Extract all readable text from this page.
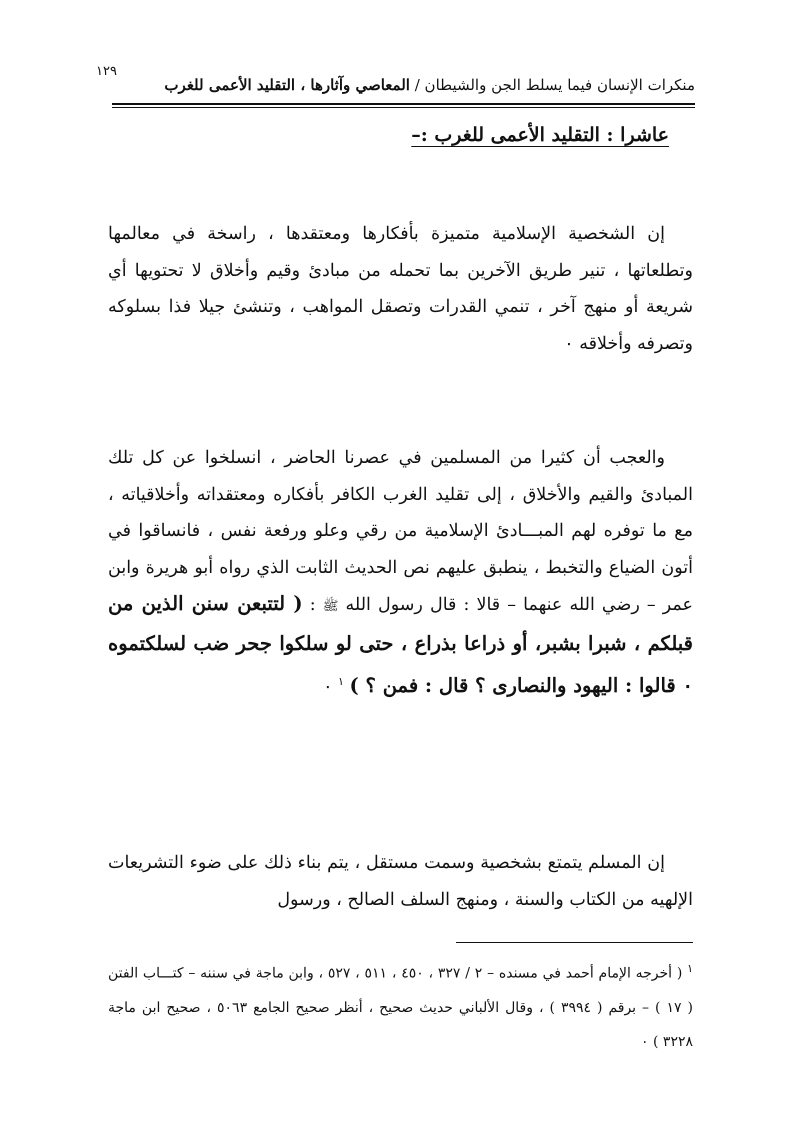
١٢٩
منكرات الإنسان فيما يسلط الجن والشيطان / المعاصي وآثارها ، التقليد الأعمى للغرب
عاشرا : التقليد الأعمى للغرب :–
إن الشخصية الإسلامية متميزة بأفكارها ومعتقدها ، راسخة في معالمها وتطلعاتها ، تنير طريق الآخرين بما تحمله من مبادئ وقيم وأخلاق لا تحتويها أي شريعة أو منهج آخر ، تنمي القدرات وتصقل المواهب ، وتنشئ جيلا فذا بسلوكه وتصرفه وأخلاقه ٠
والعجب أن كثيرا من المسلمين في عصرنا الحاضر ، انسلخوا عن كل تلك المبادئ والقيم والأخلاق ، إلى تقليد الغرب الكافر بأفكاره ومعتقداته وأخلاقياته ، مع ما توفره لهم المبـــادئ الإسلامية من رقي وعلو ورفعة نفس ، فانساقوا في أتون الضياع والتخبط ، ينطبق عليهم نص الحديث الثابت الذي رواه أبو هريرة وابن عمر – رضي الله عنهما – قالا : قال رسول الله ﷺ : ( لتتبعن سنن الذين من قبلكم ، شبرا بشبر، أو ذراعا بذراع ، حتى لو سلكوا جحر ضب لسلكتموه ٠ قالوا : اليهود والنصارى ؟ قال : فمن ؟ ) $^١$ ٠
إن المسلم يتمتع بشخصية وسمت مستقل ، يتم بناء ذلك على ضوء التشريعات الإلهيه من الكتاب والسنة ، ومنهج السلف الصالح ، ورسول
$^١$ ( أخرجه الإمام أحمد في مسنده – ٢ / ٣٢٧ ، ٤٥٠ ، ٥١١ ، ٥٢٧ ، وابن ماجة في سننه – كتـــاب الفتن ( ١٧ ) – برقم ( ٣٩٩٤ ) ، وقال الألباني حديث صحيح ، أنظر صحيح الجامع ٥٠٦٣ ، صحيح ابن ماجة ٣٢٢٨ ) ٠
